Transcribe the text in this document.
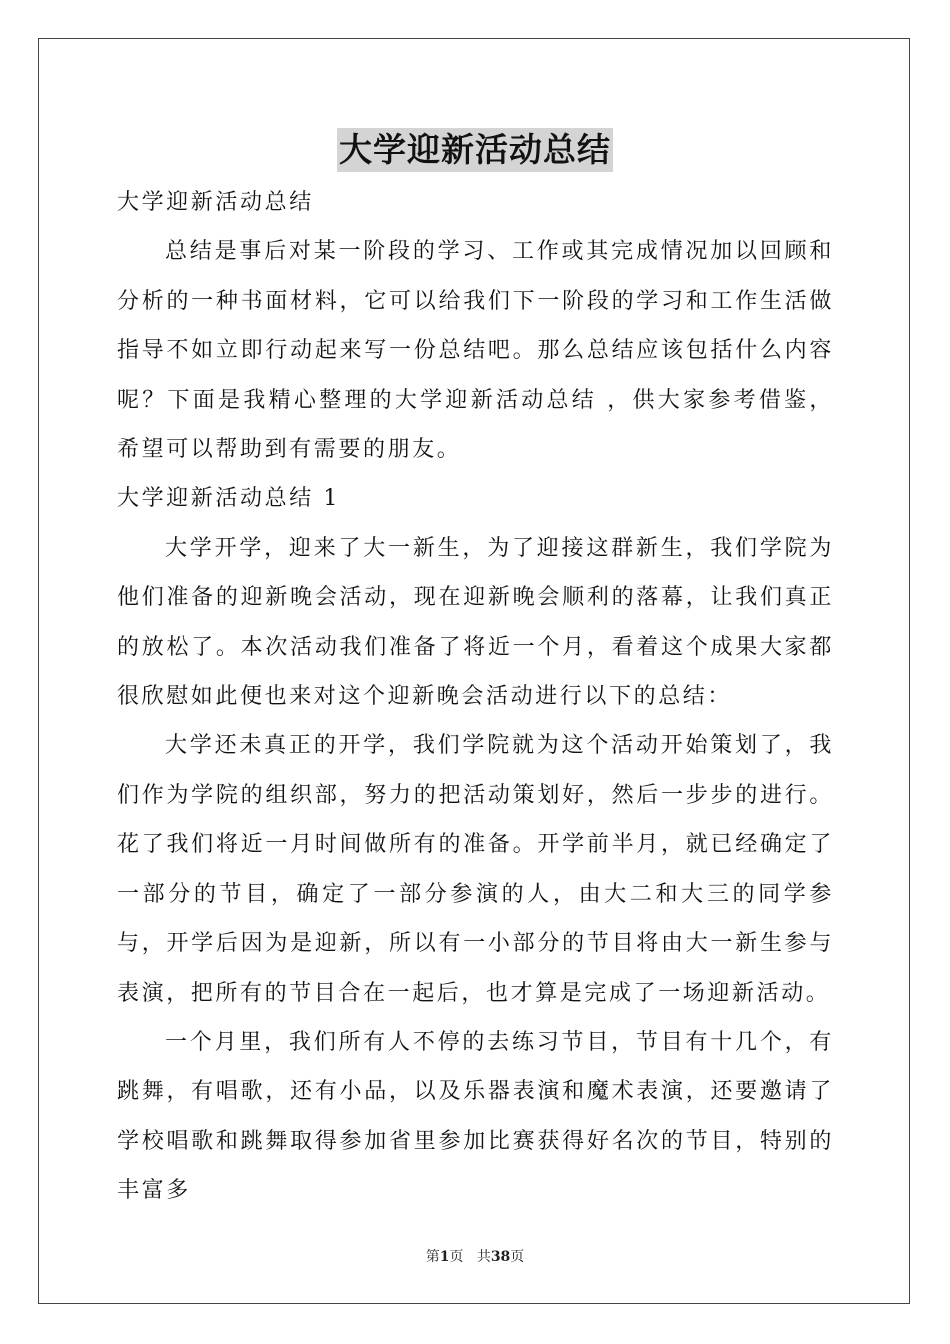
大学迎新活动总结

大学迎新活动总结

总结是事后对某一阶段的学习、工作或其完成情况加以回顾和分析的一种书面材料，它可以给我们下一阶段的学习和工作生活做指导不如立即行动起来写一份总结吧。那么总结应该包括什么内容呢？下面是我精心整理的大学迎新活动总结 ，供大家参考借鉴，希望可以帮助到有需要的朋友。

大学迎新活动总结 1

大学开学，迎来了大一新生，为了迎接这群新生，我们学院为他们准备的迎新晚会活动，现在迎新晚会顺利的落幕，让我们真正的放松了。本次活动我们准备了将近一个月，看着这个成果大家都很欣慰如此便也来对这个迎新晚会活动进行以下的总结：

大学还未真正的开学，我们学院就为这个活动开始策划了，我们作为学院的组织部，努力的把活动策划好，然后一步步的进行。花了我们将近一月时间做所有的准备。开学前半月，就已经确定了一部分的节目，确定了一部分参演的人，由大二和大三的同学参与，开学后因为是迎新，所以有一小部分的节目将由大一新生参与表演，把所有的节目合在一起后，也才算是完成了一场迎新活动。

一个月里，我们所有人不停的去练习节目，节目有十几个，有跳舞，有唱歌，还有小品，以及乐器表演和魔术表演，还要邀请了学校唱歌和跳舞取得参加省里参加比赛获得好名次的节目，特别的丰富多

第1页 共38页
